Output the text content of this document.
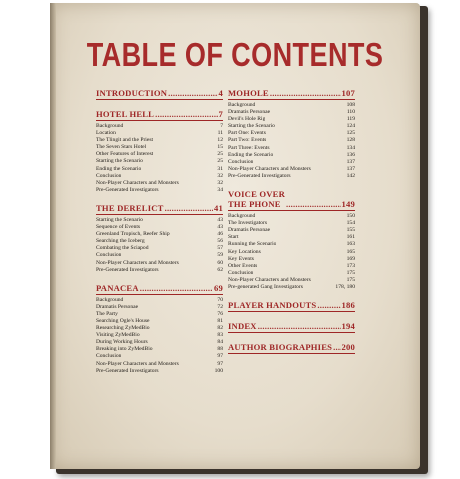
TABLE OF CONTENTS
INTRODUCTION .....	4
HOTEL HELL .....	7
Background	7
Location	11
The Tlingit and the Priest	12
The Seven Stars Hotel	15
Other Features of Interest	25
Starting the Scenario	25
Ending the Scenario	31
Conclusion	32
Non-Player Characters and Monsters	32
Pre-Generated Investigators	34
THE DERELICT .....	41
Starting the Scenario	43
Sequence of Events	43
Greenland Tropisch, Reefer Ship	46
Searching the Iceberg	56
Combating the Sciapod	57
Conclusion	59
Non-Player Characters and Monsters	60
Pre-Generated Investigators	62
PANACEA .....	69
Background	70
Dramatis Personae	72
The Party	76
Searching Ogle's House	81
Researching ZyMedBio	82
Visiting ZyMedBio	83
During Working Hours	84
Breaking into ZyMedBio	88
Conclusion	97
Non-Player Characters and Monsters	97
Pre-Generated Investigators	100
MOHOLE .....	107
Background	108
Dramatis Personae	110
Devil's Hole Rig	119
Starting the Scenario	124
Part One: Events	125
Part Two: Events	128
Part Three: Events	134
Ending the Scenario	136
Conclusion	137
Non-Player Characters and Monsters	137
Pre-Generated Investigators	142
VOICE OVER
THE PHONE .....	149
Background	150
The Investigators	154
Dramatis Personae	155
Start	161
Running the Scenario	163
Key Locations	165
Key Events	169
Other Events	173
Conclusion	175
Non-Player Characters and Monsters	175
Pre-generated Gang Investigators	178, 180
PLAYER HANDOUTS .....	186
INDEX .....	194
AUTHOR BIOGRAPHIES ..... 200
